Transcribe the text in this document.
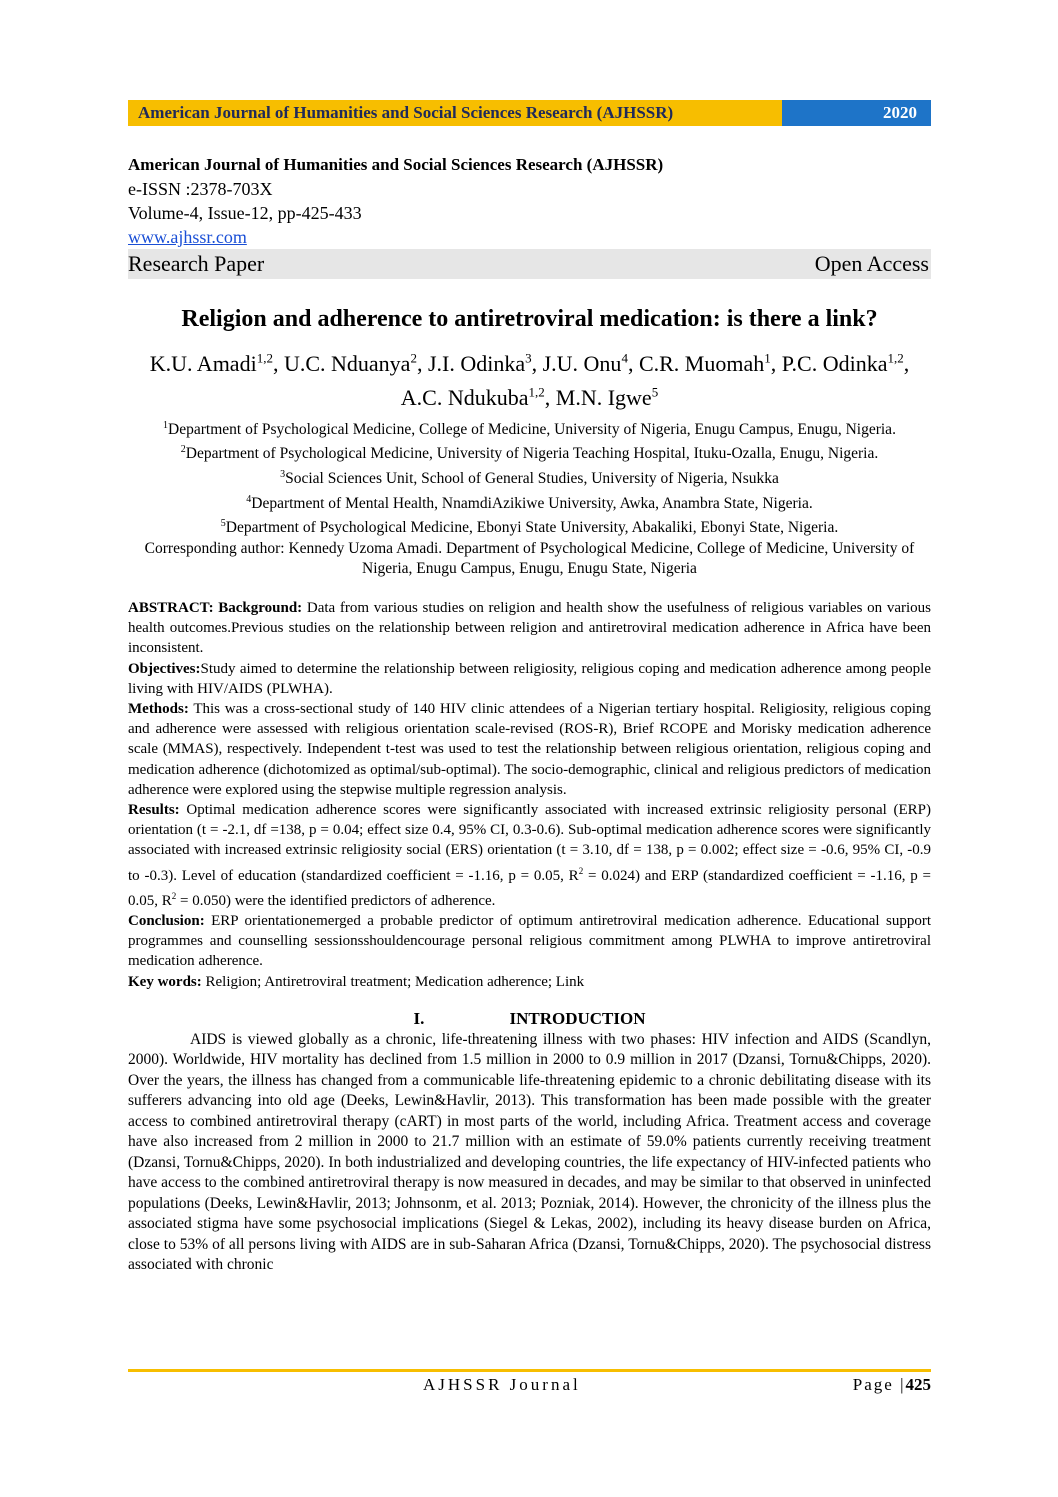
American Journal of Humanities and Social Sciences Research (AJHSSR)	2020
American Journal of Humanities and Social Sciences Research (AJHSSR)
e-ISSN :2378-703X
Volume-4, Issue-12, pp-425-433
www.ajhssr.com
Research Paper	Open Access
Religion and adherence to antiretroviral medication: is there a link?
K.U. Amadi$^{1,2}$, U.C. Nduanya$^2$, J.I. Odinka$^3$, J.U. Onu$^4$, C.R. Muomah$^1$, P.C. Odinka$^{1,2}$, A.C. Ndukuba$^{1,2}$, M.N. Igwe$^5$
$^1$Department of Psychological Medicine, College of Medicine, University of Nigeria, Enugu Campus, Enugu, Nigeria.
$^2$Department of Psychological Medicine, University of Nigeria Teaching Hospital, Ituku-Ozalla, Enugu, Nigeria.
$^3$Social Sciences Unit, School of General Studies, University of Nigeria, Nsukka
$^4$Department of Mental Health, NnamdiAzikiwe University, Awka, Anambra State, Nigeria.
$^5$Department of Psychological Medicine, Ebonyi State University, Abakaliki, Ebonyi State, Nigeria.
Corresponding author: Kennedy Uzoma Amadi. Department of Psychological Medicine, College of Medicine, University of Nigeria, Enugu Campus, Enugu, Enugu State, Nigeria

ABSTRACT: Background: Data from various studies on religion and health show the usefulness of religious variables on various health outcomes.Previous studies on the relationship between religion and antiretroviral medication adherence in Africa have been inconsistent.

Objectives:Study aimed to determine the relationship between religiosity, religious coping and medication adherence among people living with HIV/AIDS (PLWHA).

Methods: This was a cross-sectional study of 140 HIV clinic attendees of a Nigerian tertiary hospital. Religiosity, religious coping and adherence were assessed with religious orientation scale-revised (ROS-R), Brief RCOPE and Morisky medication adherence scale (MMAS), respectively. Independent t-test was used to test the relationship between religious orientation, religious coping and medication adherence (dichotomized as optimal/sub-optimal). The socio-demographic, clinical and religious predictors of medication adherence were explored using the stepwise multiple regression analysis.

Results: Optimal medication adherence scores were significantly associated with increased extrinsic religiosity personal (ERP) orientation (t = -2.1, df =138, p = 0.04; effect size 0.4, 95% CI, 0.3-0.6). Sub-optimal medication adherence scores were significantly associated with increased extrinsic religiosity social (ERS) orientation (t = 3.10, df = 138, p = 0.002; effect size = -0.6, 95% CI, -0.9 to -0.3). Level of education (standardized coefficient = -1.16, p = 0.05, $R^2 = 0.024$) and ERP (standardized coefficient = -1.16, p = 0.05, $R^2 = 0.050$) were the identified predictors of adherence.

Conclusion: ERP orientationemerged a probable predictor of optimum antiretroviral medication adherence. Educational support programmes and counselling sessionsshouldencourage personal religious commitment among PLWHA to improve antiretroviral medication adherence.

Key words: Religion; Antiretroviral treatment; Medication adherence; Link

I.	INTRODUCTION
AIDS is viewed globally as a chronic, life-threatening illness with two phases: HIV infection and AIDS (Scandlyn, 2000). Worldwide, HIV mortality has declined from 1.5 million in 2000 to 0.9 million in 2017 (Dzansi, Tornu&Chipps, 2020). Over the years, the illness has changed from a communicable life-threatening epidemic to a chronic debilitating disease with its sufferers advancing into old age (Deeks, Lewin&Havlir, 2013). This transformation has been made possible with the greater access to combined antiretroviral therapy (cART) in most parts of the world, including Africa. Treatment access and coverage have also increased from 2 million in 2000 to 21.7 million with an estimate of 59.0% patients currently receiving treatment (Dzansi, Tornu&Chipps, 2020). In both industrialized and developing countries, the life expectancy of HIV-infected patients who have access to the combined antiretroviral therapy is now measured in decades, and may be similar to that observed in uninfected populations (Deeks, Lewin&Havlir, 2013; Johnsonm, et al. 2013; Pozniak, 2014). However, the chronicity of the illness plus the associated stigma have some psychosocial implications (Siegel & Lekas, 2002), including its heavy disease burden on Africa, close to 53% of all persons living with AIDS are in sub-Saharan Africa (Dzansi, Tornu&Chipps, 2020). The psychosocial distress associated with chronic
AJHSSR Journal	Page |425
